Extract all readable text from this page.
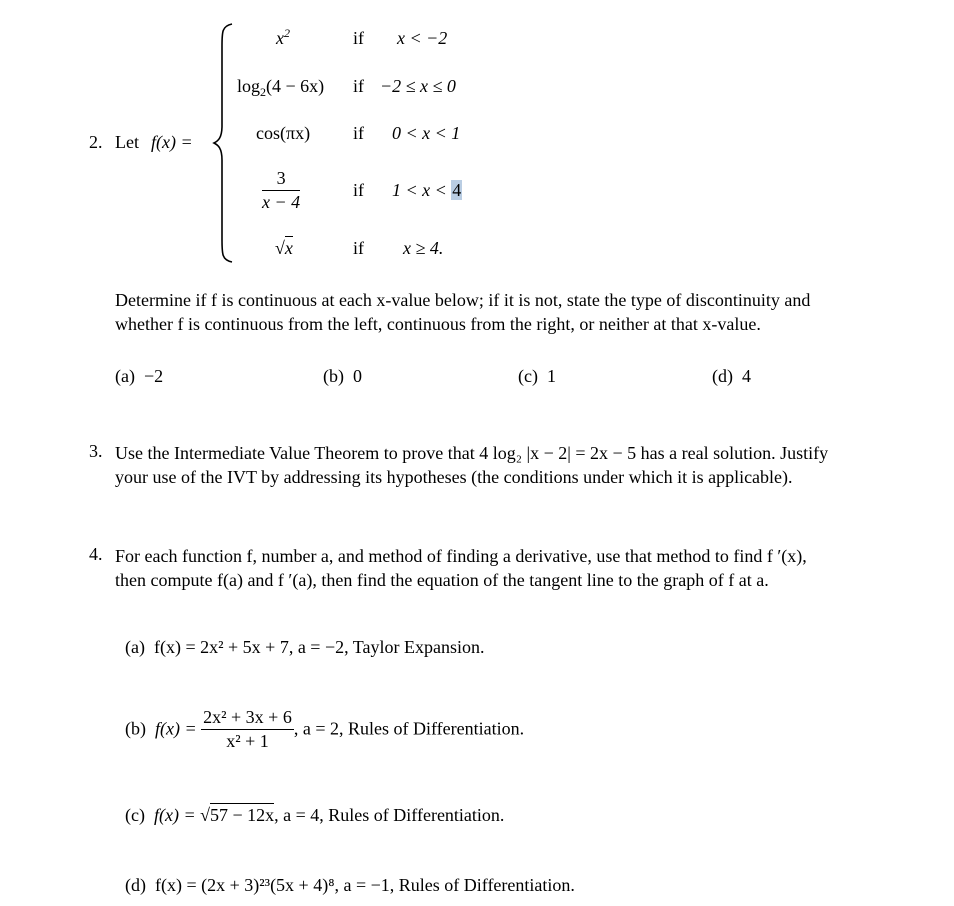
2. Let f(x) =
$x^2$	if x < −2
$\log_2(4 - 6x)$ if −2 ≤ x ≤ 0
cos(πx) if 0 < x < 1
$\frac{3}{x - 4}$	if 1 < x < 4
√x	if x ≥ 4.
Determine if f is continuous at each x-value below; if it is not, state the type of discontinuity and
whether f is continuous from the left, continuous from the right, or neither at that x-value.
(a) −2	(b) 0	(c) 1	(d) 4
3. Use the Intermediate Value Theorem to prove that 4 log₂ |x − 2| = 2x − 5 has a real solution. Justify
your use of the IVT by addressing its hypotheses (the conditions under which it is applicable).
4. For each function f, number a, and method of finding a derivative, use that method to find f ′(x),
then compute f(a) and f ′(a), then find the equation of the tangent line to the graph of f at a.
(a) f(x) = 2x² + 5x + 7, a = −2, Taylor Expansion.
(b) $f(x) = \frac{\text{2x² + 3x + 6}}{\text{x² + 1}}$ , a = 2, Rules of Differentiation.
(c) f(x) = √57 − 12x, a = 4, Rules of Differentiation.
(d) f(x) = (2x + 3)²³(5x + 4)⁸, a = −1, Rules of Differentiation.
